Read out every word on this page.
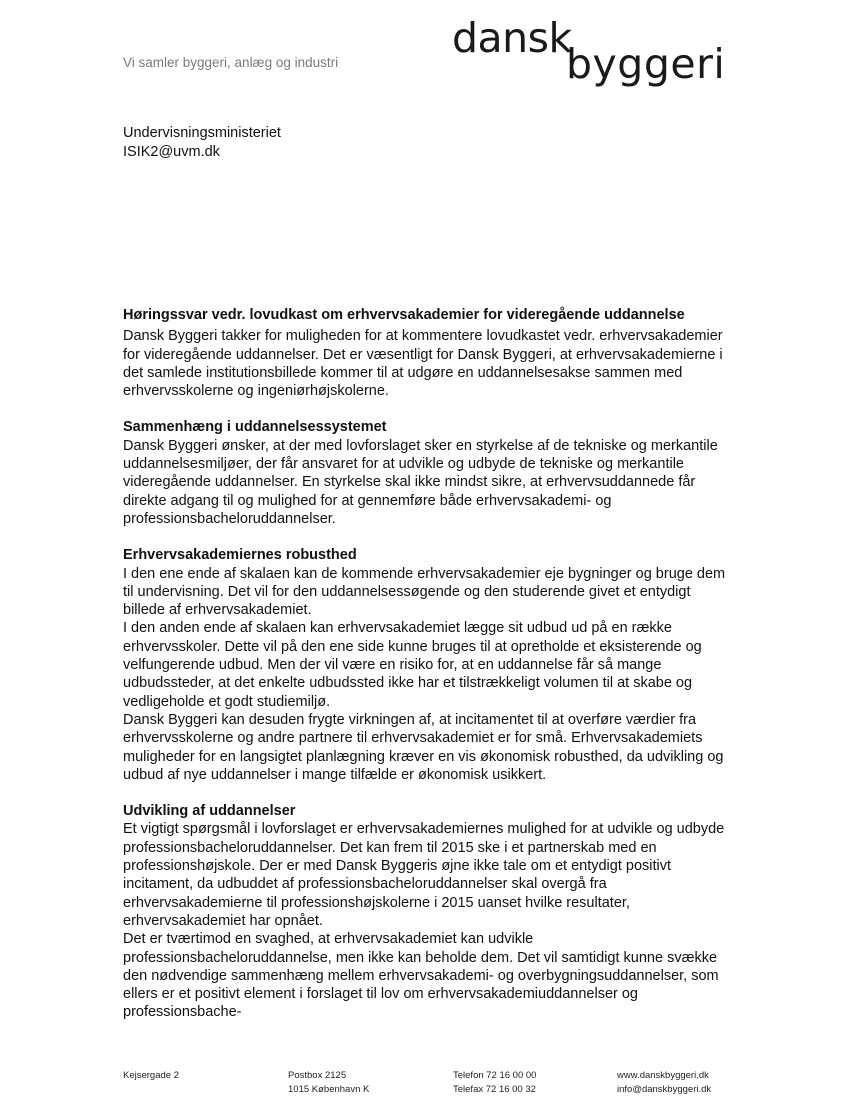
Vi samler byggeri, anlæg og industri
dansk
byggeri
Undervisningsministeriet
ISIK2@uvm.dk
Høringssvar vedr. lovudkast om erhvervsakademier for videregående uddannelse

Dansk Byggeri takker for muligheden for at kommentere lovudkastet vedr. erhvervsakademier for videregående uddannelser. Det er væsentligt for Dansk Byggeri, at erhvervsakademierne i det samlede institutionsbillede kommer til at udgøre en uddannelsesakse sammen med erhvervsskolerne og ingeniørhøjskolerne.

Sammenhæng i uddannelsessystemet

Dansk Byggeri ønsker, at der med lovforslaget sker en styrkelse af de tekniske og merkantile uddannelsesmiljøer, der får ansvaret for at udvikle og udbyde de tekniske og merkantile videregående uddannelser. En styrkelse skal ikke mindst sikre, at erhvervsuddannede får direkte adgang til og mulighed for at gennemføre både erhvervsakademi- og professionsbacheloruddannelser.

Erhvervsakademiernes robusthed

I den ene ende af skalaen kan de kommende erhvervsakademier eje bygninger og bruge dem til undervisning. Det vil for den uddannelsessøgende og den studerende givet et entydigt billede af erhvervsakademiet.

I den anden ende af skalaen kan erhvervsakademiet lægge sit udbud ud på en række erhvervsskoler. Dette vil på den ene side kunne bruges til at opretholde et eksisterende og velfungerende udbud. Men der vil være en risiko for, at en uddannelse får så mange udbudssteder, at det enkelte udbudssted ikke har et tilstrækkeligt volumen til at skabe og vedligeholde et godt studiemiljø.

Dansk Byggeri kan desuden frygte virkningen af, at incitamentet til at overføre værdier fra erhvervsskolerne og andre partnere til erhvervsakademiet er for små. Erhvervsakademiets muligheder for en langsigtet planlægning kræver en vis økonomisk robusthed, da udvikling og udbud af nye uddannelser i mange tilfælde er økonomisk usikkert.

Udvikling af uddannelser

Et vigtigt spørgsmål i lovforslaget er erhvervsakademiernes mulighed for at udvikle og udbyde professionsbacheloruddannelser. Det kan frem til 2015 ske i et partnerskab med en professionshøjskole. Der er med Dansk Byggeris øjne ikke tale om et entydigt positivt incitament, da udbuddet af professionsbacheloruddannelser skal overgå fra erhvervsakademierne til professionshøjskolerne i 2015 uanset hvilke resultater, erhvervsakademiet har opnået.

Det er tværtimod en svaghed, at erhvervsakademiet kan udvikle professionsbacheloruddannelse, men ikke kan beholde dem. Det vil samtidigt kunne svække den nødvendige sammenhæng mellem erhvervsakademi- og overbygningsuddannelser, som ellers er et positivt element i forslaget til lov om erhvervsakademiuddannelser og professionsbache-

Kejsergade 2	Postbox 2125
1015 København K
Telefon 72 16 00 00
Telefax 72 16 00 32
www.danskbyggeri.dk
info@danskbyggeri.dk
